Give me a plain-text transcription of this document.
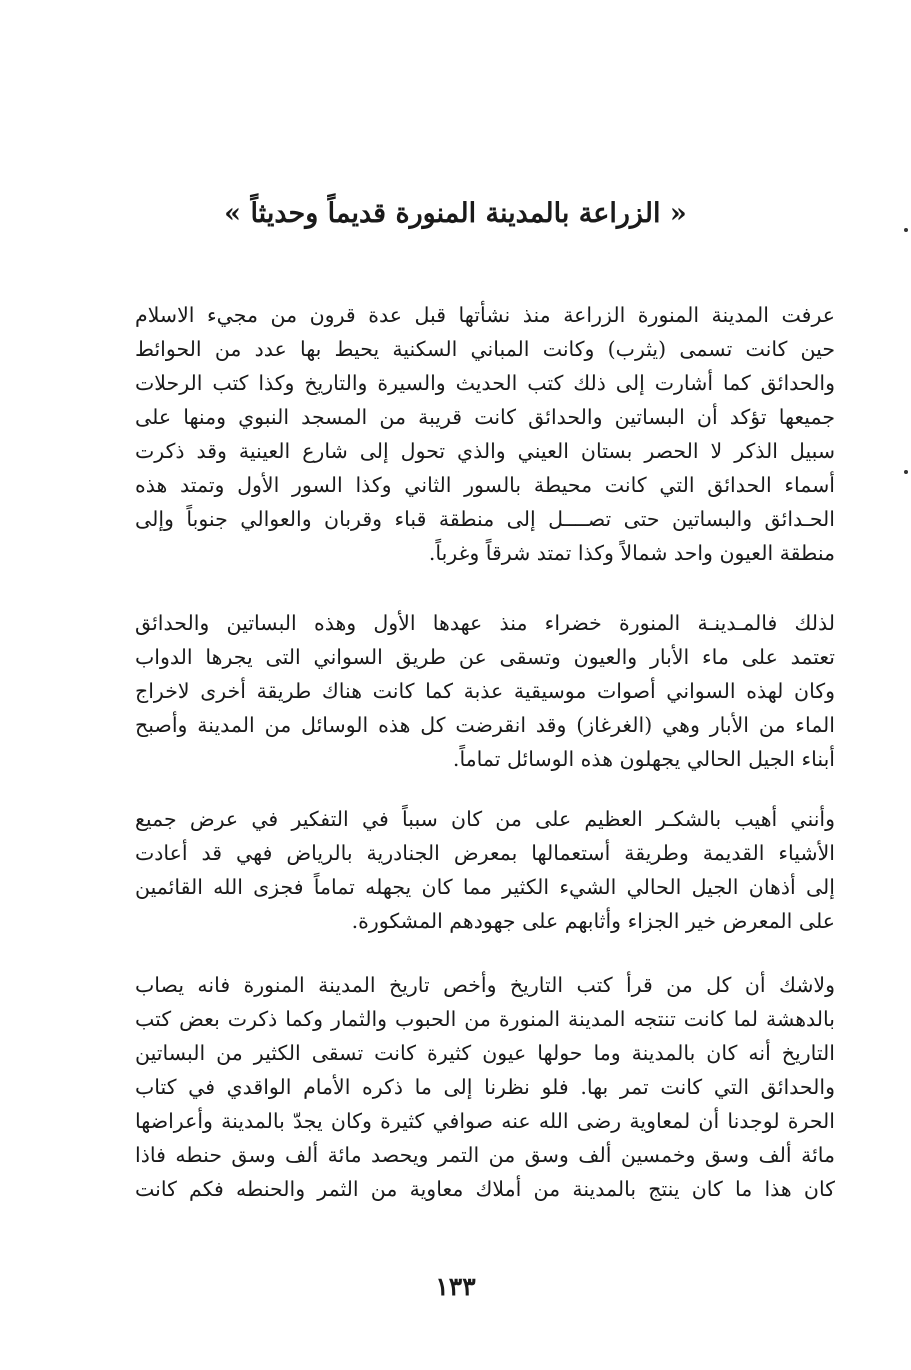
« الزراعة بالمدينة المنورة قديماً وحديثاً »
عرفت المدينة المنورة الزراعة منذ نشأتها قبل عدة قرون من مجيء الاسلام
حين كانت تسمى (يثرب) وكانت المباني السكنية يحيط بها عدد من الحوائط
والحدائق كما أشارت إلى ذلك كتب الحديث والسيرة والتاريخ وكذا كتب الرحلات
جميعها تؤكد أن البساتين والحدائق كانت قريبة من المسجد النبوي ومنها على
سبيل الذكر لا الحصر بستان العيني والذي تحول إلى شارع العينية وقد ذكرت
أسماء الحدائق التي كانت محيطة بالسور الثاني وكذا السور الأول وتمتد هذه
الحـدائق والبساتين حتى تصــــل إلى منطقة قباء وقربان والعوالي جنوباً وإلى
منطقة العيون واحد شمالاً وكذا تمتد شرقاً وغرباً.
لذلك فالمـدينـة المنورة خضراء منذ عهدها الأول وهذه البساتين والحدائق
تعتمد على ماء الأبار والعيون وتسقى عن طريق السواني التى يجرها الدواب
وكان لهذه السواني أصوات موسيقية عذبة كما كانت هناك طريقة أخرى لاخراج
الماء من الأبار وهي (الغرغاز) وقد انقرضت كل هذه الوسائل من المدينة وأصبح
أبناء الجيل الحالي يجهلون هذه الوسائل تماماً.
وأنني أهيب بالشكـر العظيم على من كان سبباً في التفكير في عرض جميع
الأشياء القديمة وطريقة أستعمالها بمعرض الجنادرية بالرياض فهي قد أعادت
إلى أذهان الجيل الحالي الشيء الكثير مما كان يجهله تماماً فجزى الله القائمين
على المعرض خير الجزاء وأثابهم على جهودهم المشكورة.
ولاشك أن كل من قرأ كتب التاريخ وأخص تاريخ المدينة المنورة فانه يصاب
بالدهشة لما كانت تنتجه المدينة المنورة من الحبوب والثمار وكما ذكرت بعض كتب
التاريخ أنه كان بالمدينة وما حولها عيون كثيرة كانت تسقى الكثير من البساتين
والحدائق التي كانت تمر بها. فلو نظرنا إلى ما ذكره الأمام الواقدي في كتاب
الحرة لوجدنا أن لمعاوية رضى الله عنه صوافي كثيرة وكان يجدّ بالمدينة وأعراضها
مائة ألف وسق وخمسين ألف وسق من التمر ويحصد مائة ألف وسق حنطه فاذا
كان هذا ما كان ينتج بالمدينة من أملاك معاوية من الثمر والحنطه فكم كانت
١٣٣
